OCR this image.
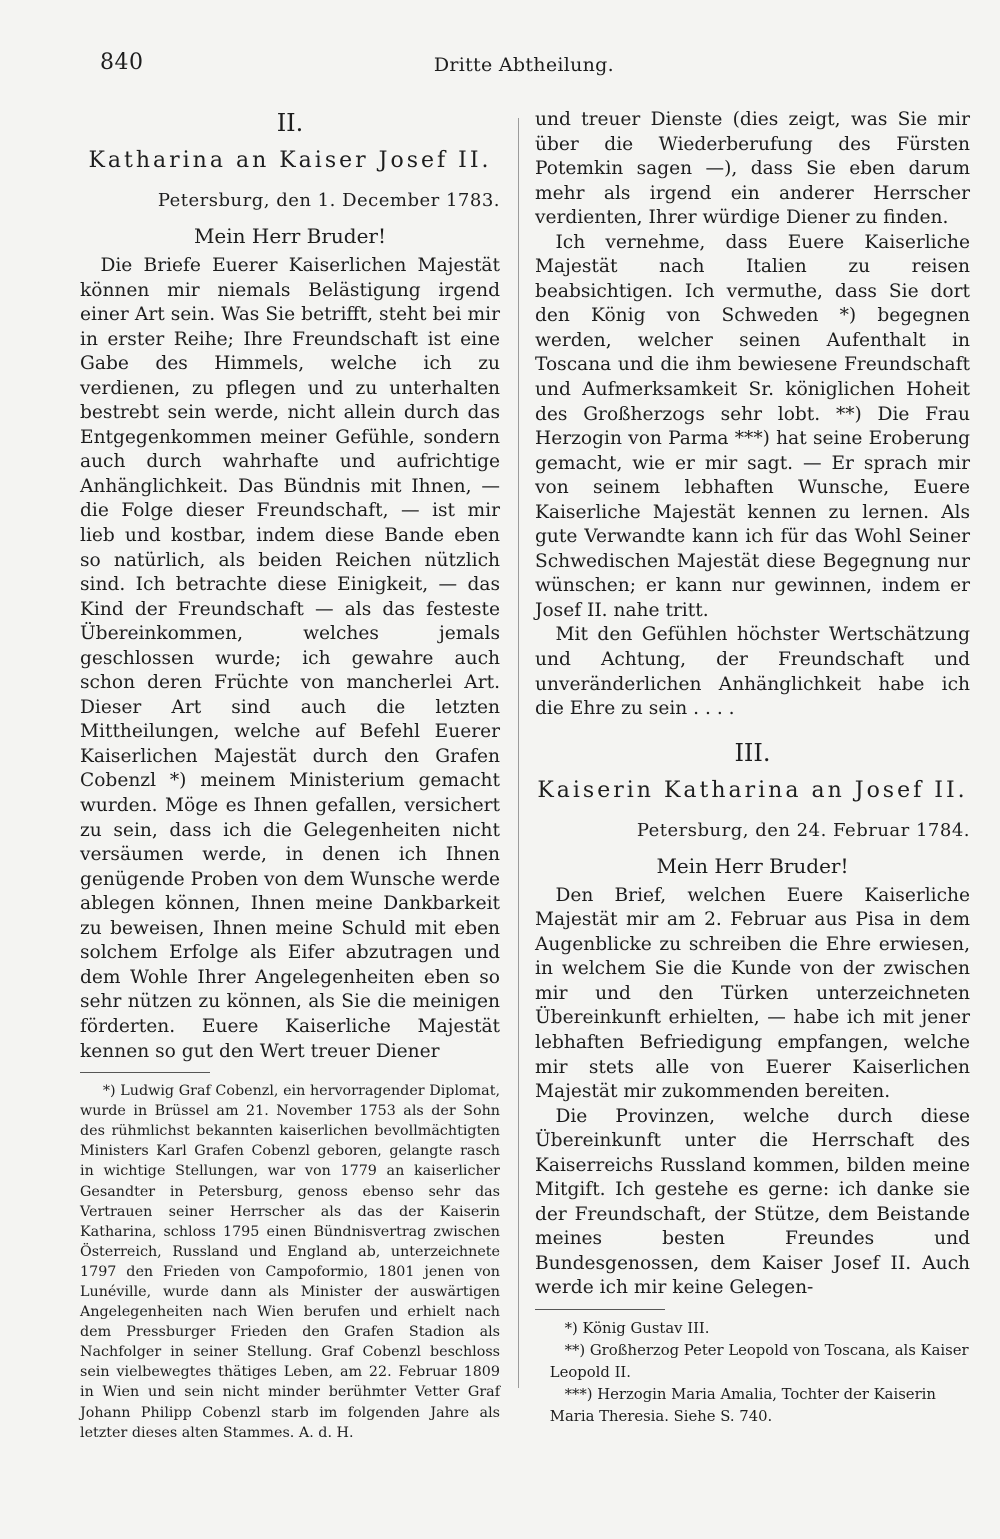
840	Dritte Abtheilung.
II.
Katharina an Kaiser Josef II.
Petersburg, den 1. December 1783.
Mein Herr Bruder!

Die Briefe Euerer Kaiserlichen Majestät können mir niemals Belästigung irgend einer Art sein. Was Sie betrifft, steht bei mir in erster Reihe; Ihre Freundschaft ist eine Gabe des Himmels, welche ich zu verdienen, zu pflegen und zu unterhalten bestrebt sein werde, nicht allein durch das Entgegenkommen meiner Gefühle, sondern auch durch wahrhafte und aufrichtige Anhänglichkeit. Das Bündnis mit Ihnen, — die Folge dieser Freundschaft, — ist mir lieb und kostbar, indem diese Bande eben so natürlich, als beiden Reichen nützlich sind. Ich betrachte diese Einigkeit, — das Kind der Freundschaft — als das festeste Übereinkommen, welches jemals geschlossen wurde; ich gewahre auch schon deren Früchte von mancherlei Art. Dieser Art sind auch die letzten Mittheilungen, welche auf Befehl Euerer Kaiserlichen Majestät durch den Grafen Cobenzl *) meinem Ministerium gemacht wurden. Möge es Ihnen gefallen, versichert zu sein, dass ich die Gelegenheiten nicht versäumen werde, in denen ich Ihnen genügende Proben von dem Wunsche werde ablegen können, Ihnen meine Dankbarkeit zu beweisen, Ihnen meine Schuld mit eben solchem Erfolge als Eifer abzutragen und dem Wohle Ihrer Angelegenheiten eben so sehr nützen zu können, als Sie die meinigen förderten. Euere Kaiserliche Majestät kennen so gut den Wert treuer Diener

*) Ludwig Graf Cobenzl, ein hervorragender Diplomat, wurde in Brüssel am 21. November 1753 als der Sohn des rühmlichst bekannten kaiserlichen bevollmächtigten Ministers Karl Grafen Cobenzl geboren, gelangte rasch in wichtige Stellungen, war von 1779 an kaiserlicher Gesandter in Petersburg, genoss ebenso sehr das Vertrauen seiner Herrscher als das der Kaiserin Katharina, schloss 1795 einen Bündnisvertrag zwischen Österreich, Russland und England ab, unterzeichnete 1797 den Frieden von Campoformio, 1801 jenen von Lunéville, wurde dann als Minister der auswärtigen Angelegenheiten nach Wien berufen und erhielt nach dem Pressburger Frieden den Grafen Stadion als Nachfolger in seiner Stellung. Graf Cobenzl beschloss sein vielbewegtes thätiges Leben, am 22. Februar 1809 in Wien und sein nicht minder berühmter Vetter Graf Johann Philipp Cobenzl starb im folgenden Jahre als letzter dieses alten Stammes. A. d. H.

und treuer Dienste (dies zeigt, was Sie mir über die Wiederberufung des Fürsten Potemkin sagen —), dass Sie eben darum mehr als irgend ein anderer Herrscher verdienten, Ihrer würdige Diener zu finden.

Ich vernehme, dass Euere Kaiserliche Majestät nach Italien zu reisen beabsichtigen. Ich vermuthe, dass Sie dort den König von Schweden *) begegnen werden, welcher seinen Aufenthalt in Toscana und die ihm bewiesene Freundschaft und Aufmerksamkeit Sr. königlichen Hoheit des Großherzogs sehr lobt. **) Die Frau Herzogin von Parma ***) hat seine Eroberung gemacht, wie er mir sagt. — Er sprach mir von seinem lebhaften Wunsche, Euere Kaiserliche Majestät kennen zu lernen. Als gute Verwandte kann ich für das Wohl Seiner Schwedischen Majestät diese Begegnung nur wünschen; er kann nur gewinnen, indem er Josef II. nahe tritt.

Mit den Gefühlen höchster Wertschätzung und Achtung, der Freundschaft und unveränderlichen Anhänglichkeit habe ich die Ehre zu sein . . . .

III.
Kaiserin Katharina an Josef II.
Petersburg, den 24. Februar 1784.
Mein Herr Bruder!

Den Brief, welchen Euere Kaiserliche Majestät mir am 2. Februar aus Pisa in dem Augenblicke zu schreiben die Ehre erwiesen, in welchem Sie die Kunde von der zwischen mir und den Türken unterzeichneten Übereinkunft erhielten, — habe ich mit jener lebhaften Befriedigung empfangen, welche mir stets alle von Euerer Kaiserlichen Majestät mir zukommenden bereiten.

Die Provinzen, welche durch diese Übereinkunft unter die Herrschaft des Kaiserreichs Russland kommen, bilden meine Mitgift. Ich gestehe es gerne: ich danke sie der Freundschaft, der Stütze, dem Beistande meines besten Freundes und Bundesgenossen, dem Kaiser Josef II. Auch werde ich mir keine Gelegen-

*) König Gustav III.

**) Großherzog Peter Leopold von Toscana, als Kaiser Leopold II.

***) Herzogin Maria Amalia, Tochter der Kaiserin Maria Theresia. Siehe S. 740.
